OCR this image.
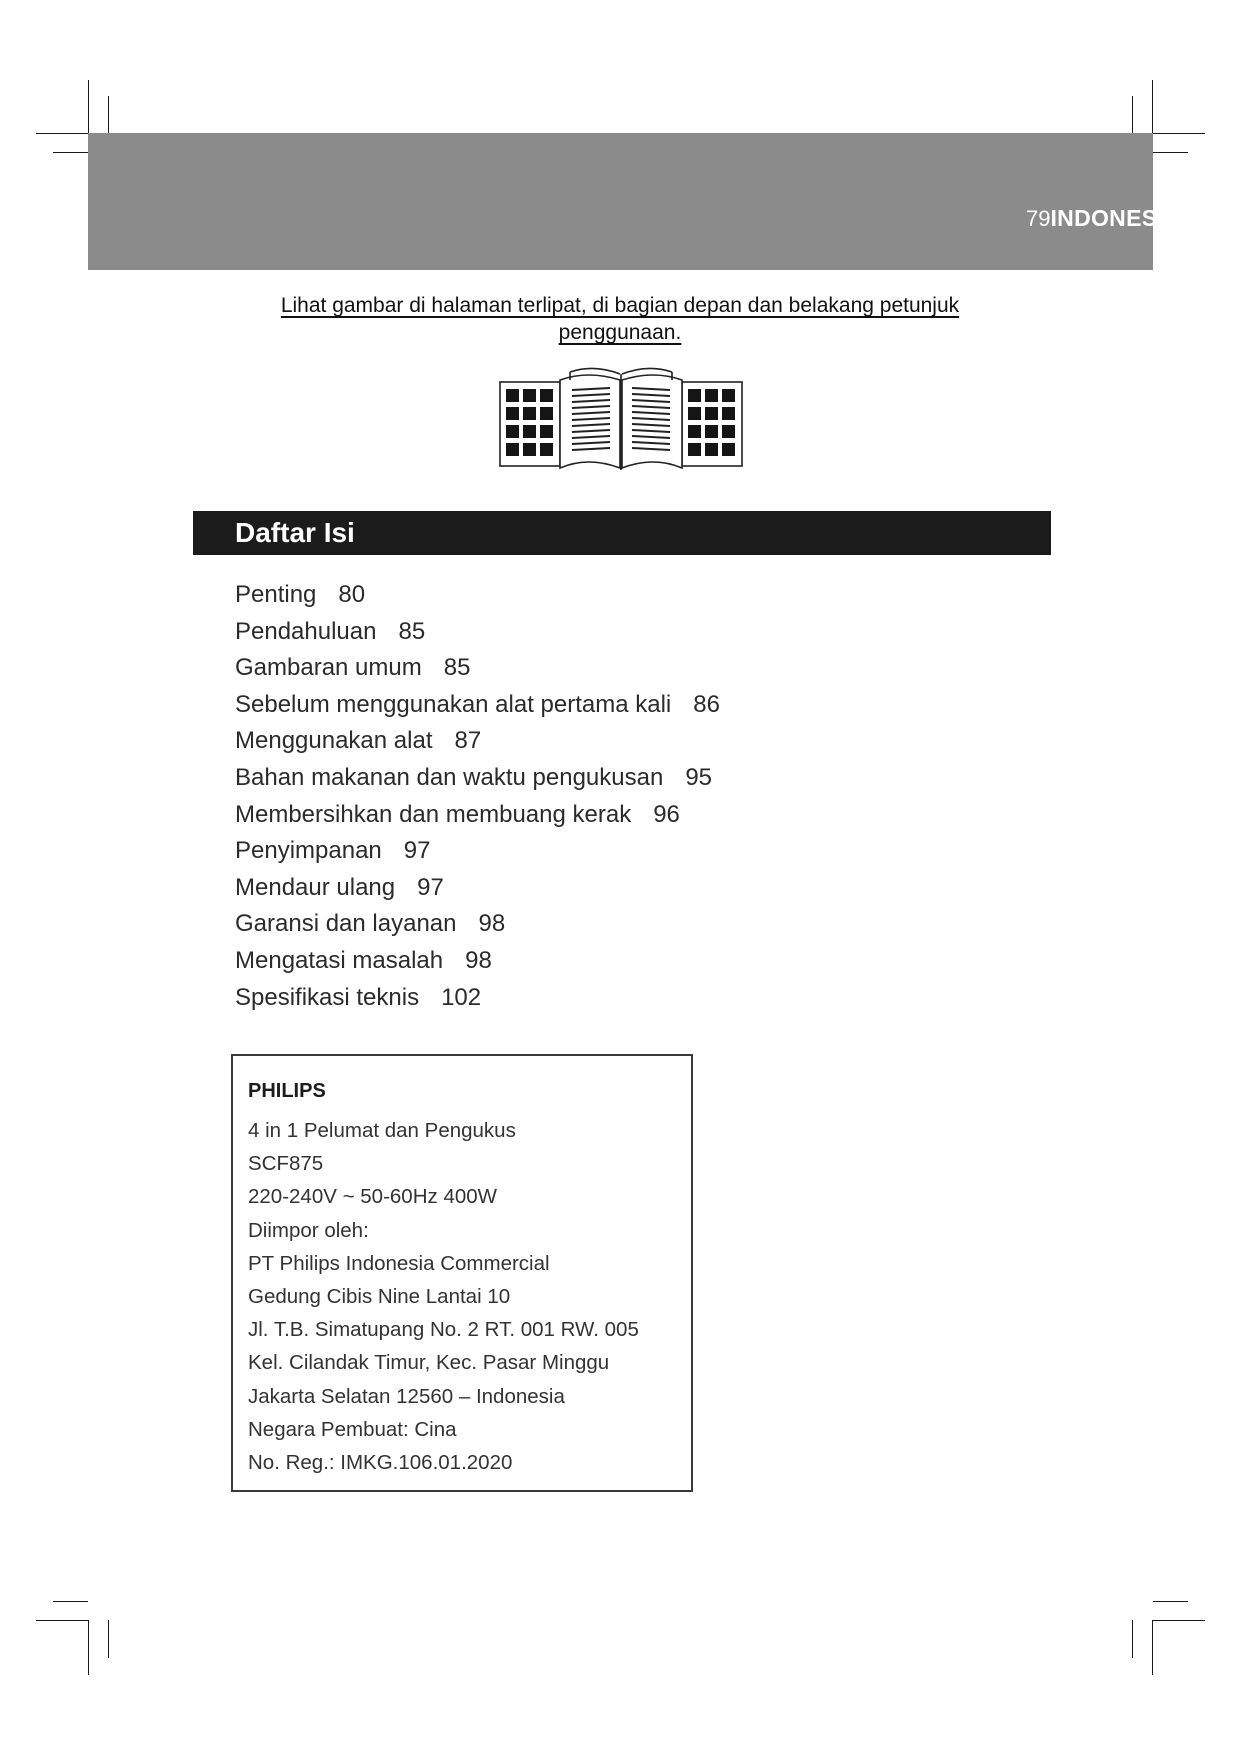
79INDONESIA
Lihat gambar di halaman terlipat, di bagian depan dan belakang petunjuk
penggunaan.
Daftar Isi
Penting 80
Pendahuluan 85
Gambaran umum 85
Sebelum menggunakan alat pertama kali 86
Menggunakan alat 87
Bahan makanan dan waktu pengukusan 95
Membersihkan dan membuang kerak 96
Penyimpanan 97
Mendaur ulang 97
Garansi dan layanan 98
Mengatasi masalah 98
Spesifikasi teknis 102
PHILIPS
4 in 1 Pelumat dan Pengukus
SCF875
220-240V ~ 50-60Hz 400W
Diimpor oleh:
PT Philips Indonesia Commercial
Gedung Cibis Nine Lantai 10
Jl. T.B. Simatupang No. 2 RT. 001 RW. 005
Kel. Cilandak Timur, Kec. Pasar Minggu
Jakarta Selatan 12560 – Indonesia
Negara Pembuat: Cina
No. Reg.: IMKG.106.01.2020
